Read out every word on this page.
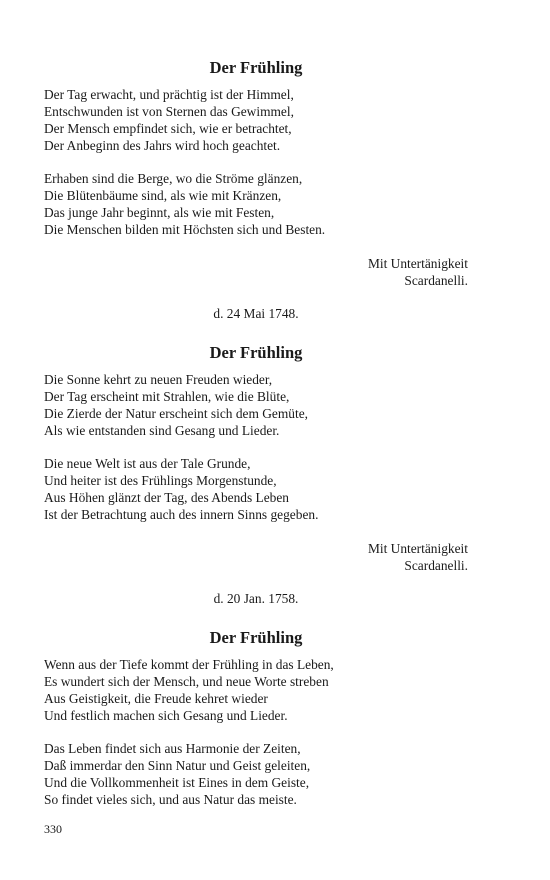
Der Frühling
Der Tag erwacht, und prächtig ist der Himmel,
Entschwunden ist von Sternen das Gewimmel,
Der Mensch empfindet sich, wie er betrachtet,
Der Anbeginn des Jahrs wird hoch geachtet.
Erhaben sind die Berge, wo die Ströme glänzen,
Die Blütenbäume sind, als wie mit Kränzen,
Das junge Jahr beginnt, als wie mit Festen,
Die Menschen bilden mit Höchsten sich und Besten.
Mit Untertänigkeit
Scardanelli.
d. 24 Mai 1748.
Der Frühling
Die Sonne kehrt zu neuen Freuden wieder,
Der Tag erscheint mit Strahlen, wie die Blüte,
Die Zierde der Natur erscheint sich dem Gemüte,
Als wie entstanden sind Gesang und Lieder.
Die neue Welt ist aus der Tale Grunde,
Und heiter ist des Frühlings Morgenstunde,
Aus Höhen glänzt der Tag, des Abends Leben
Ist der Betrachtung auch des innern Sinns gegeben.
Mit Untertänigkeit
Scardanelli.
d. 20 Jan. 1758.
Der Frühling
Wenn aus der Tiefe kommt der Frühling in das Leben,
Es wundert sich der Mensch, und neue Worte streben
Aus Geistigkeit, die Freude kehret wieder
Und festlich machen sich Gesang und Lieder.
Das Leben findet sich aus Harmonie der Zeiten,
Daß immerdar den Sinn Natur und Geist geleiten,
Und die Vollkommenheit ist Eines in dem Geiste,
So findet vieles sich, und aus Natur das meiste.
330
